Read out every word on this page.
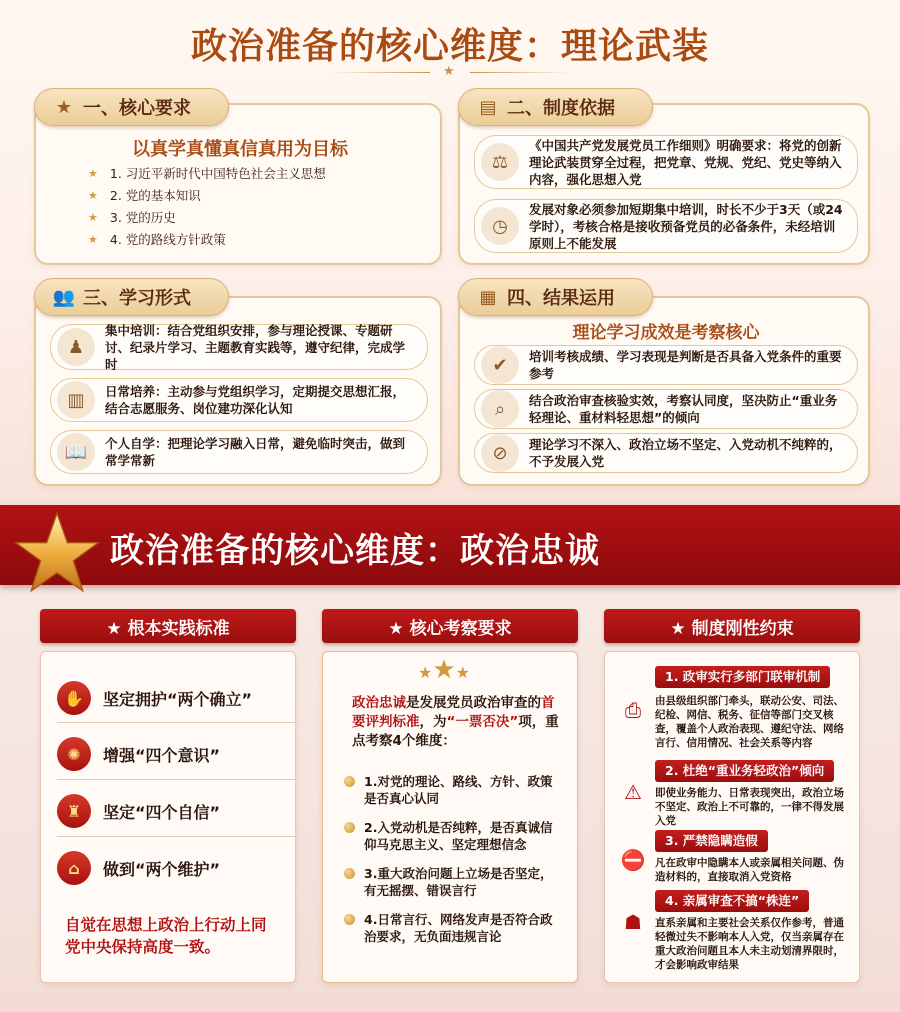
政治准备的核心维度：理论武装
★
★ 一、核心要求
以真学真懂真信真用为目标
★ 1. 习近平新时代中国特色社会主义思想
★ 2. 党的基本知识
★ 3. 党的历史
★ 4. 党的路线方针政策
▤ 二、制度依据
⚖
《中国共产党发展党员工作细则》明确要求：将党的创新理论武装贯穿全过程，把党章、党规、党纪、党史等纳入内容，强化思想入党
◷
发展对象必须参加短期集中培训，时长不少于3天（或24学时），考核合格是接收预备党员的必备条件，未经培训原则上不能发展
👥 三、学习形式
♟
集中培训：结合党组织安排，参与理论授课、专题研讨、纪录片学习、主题教育实践等，遵守纪律，完成学时
▥	日常培养：主动参与党组织学习，定期提交思想汇报，结合志愿服务、岗位建功深化认知
📖	个人自学：把理论学习融入日常，避免临时突击，做到常学常新
▦ 四、结果运用
理论学习成效是考察核心
✔	培训考核成绩、学习表现是判断是否具备入党条件的重要参考
⌕	结合政治审查核验实效，考察认同度，坚决防止“重业务轻理论、重材料轻思想”的倾向
⊘	理论学习不深入、政治立场不坚定、入党动机不纯粹的，不予发展入党
政治准备的核心维度：政治忠诚
★ 根本实践标准
✋	坚定拥护“两个确立”
✺	增强“四个意识”
♜	坚定“四个自信”
⌂	做到“两个维护”
自觉在思想上政治上行动上同党中央保持高度一致。
★ 核心考察要求
★★★
政治忠诚是发展党员政治审查的首要评判标准，为“一票否决”项，重点考察4个维度：
1.对党的理论、路线、方针、政策是否真心认同
2.入党动机是否纯粹，是否真诚信仰马克思主义、坚定理想信念
3.重大政治问题上立场是否坚定，有无摇摆、错误言行
4.日常言行、网络发声是否符合政治要求，无负面违规言论
★ 制度刚性约束
1. 政审实行多部门联审机制
⎙	由县级组织部门牵头，联动公安、司法、纪检、网信、税务、征信等部门交叉核查，覆盖个人政治表现、遵纪守法、网络言行、信用情况、社会关系等内容
2. 杜绝“重业务轻政治”倾向
⚠	即使业务能力、日常表现突出，政治立场不坚定、政治上不可靠的，一律不得发展入党
3. 严禁隐瞒造假
⛔ 凡在政审中隐瞒本人或亲属相关问题、伪造材料的，直接取消入党资格
4. 亲属审查不搞“株连”
☗	直系亲属和主要社会关系仅作参考，普通轻微过失不影响本人入党，仅当亲属存在重大政治问题且本人未主动划清界限时，才会影响政审结果
